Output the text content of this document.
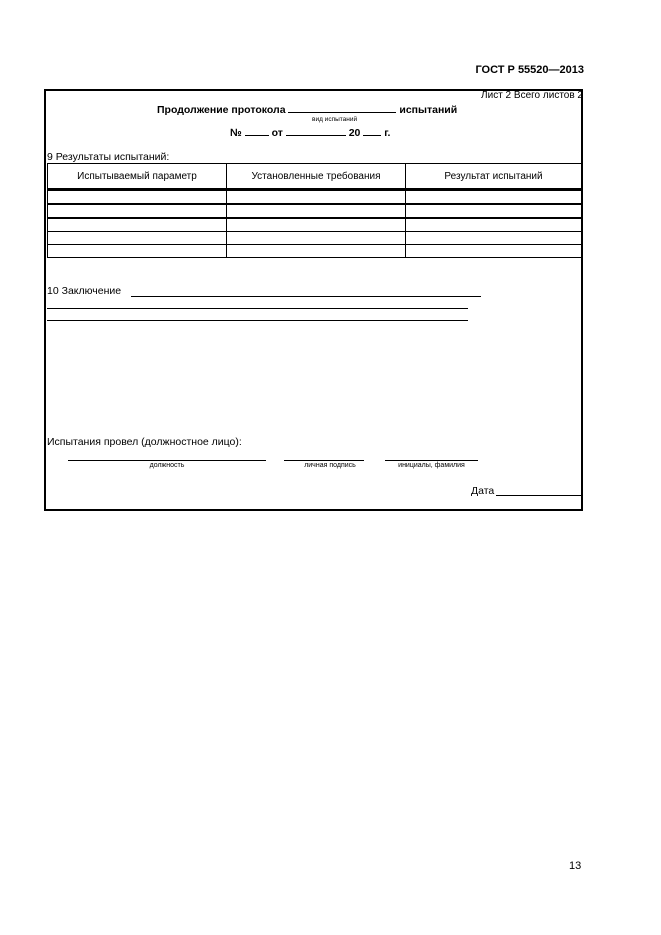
ГОСТ Р 55520—2013
Лист 2 Всего листов 2
Продолжение протокола	испытаний
вид испытаний
№	от	20 г.
9 Результаты испытаний:
Испытываемый параметр	Установленные требования	Результат испытаний

10 Заключение
Испытания провел (должностное лицо):
должность	личная подпись	инициалы, фамилия
Дата
13
